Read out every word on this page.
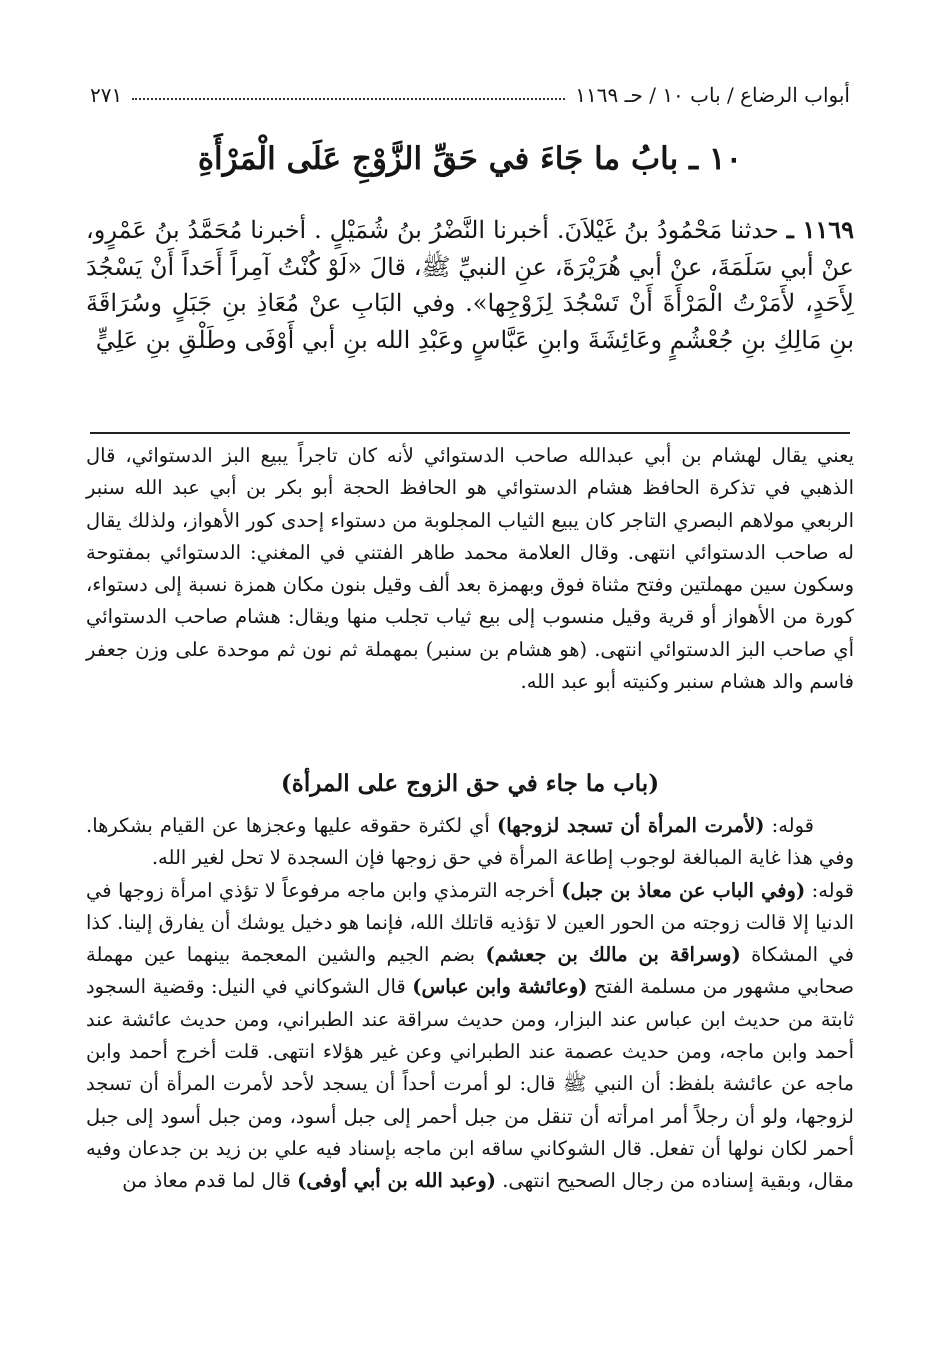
أبواب الرضاع / باب ١٠ / حـ ١١٦٩
٢٧١
١٠ ـ بابُ ما جَاءَ في حَقِّ الزَّوْجِ عَلَى الْمَرْأَةِ

١١٦٩ ـ حدثنا مَحْمُودُ بنُ غَيْلاَنَ. أخبرنا النَّضْرُ بنُ شُمَيْلٍ . أخبرنا مُحَمَّدُ بنُ عَمْرٍو، عنْ أبي سَلَمَةَ، عنْ أبي هُرَيْرَةَ، عنِ النبيِّ ﷺ، قالَ «لَوْ كُنْتُ آمِراً أَحَداً أَنْ يَسْجُدَ لِأَحَدٍ، لأَمَرْتُ الْمَرْأَةَ أَنْ تَسْجُدَ لِزَوْجِها». وفي البَابِ عنْ مُعَاذِ بنِ جَبَلٍ وسُرَاقَةَ بنِ مَالِكِ بنِ جُعْشُمٍ وعَائِشَةَ وابنِ عَبَّاسٍ وعَبْدِ الله بنِ أبي أَوْفَى وطَلْقِ بنِ عَلِيٍّ

يعني يقال لهشام بن أبي عبدالله صاحب الدستوائي لأنه كان تاجراً يبيع البز الدستوائي، قال الذهبي في تذكرة الحافظ هشام الدستوائي هو الحافظ الحجة أبو بكر بن أبي عبد الله سنبر الربعي مولاهم البصري التاجر كان يبيع الثياب المجلوبة من دستواء إحدى كور الأهواز، ولذلك يقال له صاحب الدستوائي انتهى. وقال العلامة محمد طاهر الفتني في المغني: الدستوائي بمفتوحة وسكون سين مهملتين وفتح مثناة فوق وبهمزة بعد ألف وقيل بنون مكان همزة نسبة إلى دستواء، كورة من الأهواز أو قرية وقيل منسوب إلى بيع ثياب تجلب منها ويقال: هشام صاحب الدستوائي أي صاحب البز الدستوائي انتهى. (هو هشام بن سنبر) بمهملة ثم نون ثم موحدة على وزن جعفر فاسم والد هشام سنبر وكنيته أبو عبد الله.

(باب ما جاء في حق الزوج على المرأة)

قوله: (لأمرت المرأة أن تسجد لزوجها) أي لكثرة حقوقه عليها وعجزها عن القيام بشكرها. وفي هذا غاية المبالغة لوجوب إطاعة المرأة في حق زوجها فإن السجدة لا تحل لغير الله.

قوله: (وفي الباب عن معاذ بن جبل) أخرجه الترمذي وابن ماجه مرفوعاً لا تؤذي امرأة زوجها في الدنيا إلا قالت زوجته من الحور العين لا تؤذيه قاتلك الله، فإنما هو دخيل يوشك أن يفارق إلينا. كذا في المشكاة (وسراقة بن مالك بن جعشم) بضم الجيم والشين المعجمة بينهما عين مهملة صحابي مشهور من مسلمة الفتح (وعائشة وابن عباس) قال الشوكاني في النيل: وقضية السجود ثابتة من حديث ابن عباس عند البزار، ومن حديث سراقة عند الطبراني، ومن حديث عائشة عند أحمد وابن ماجه، ومن حديث عصمة عند الطبراني وعن غير هؤلاء انتهى. قلت أخرج أحمد وابن ماجه عن عائشة بلفظ: أن النبي ﷺ قال: لو أمرت أحداً أن يسجد لأحد لأمرت المرأة أن تسجد لزوجها، ولو أن رجلاً أمر امرأته أن تنقل من جبل أحمر إلى جبل أسود، ومن جبل أسود إلى جبل أحمر لكان نولها أن تفعل. قال الشوكاني ساقه ابن ماجه بإسناد فيه علي بن زيد بن جدعان وفيه مقال، وبقية إسناده من رجال الصحيح انتهى. (وعبد الله بن أبي أوفى) قال لما قدم معاذ من
